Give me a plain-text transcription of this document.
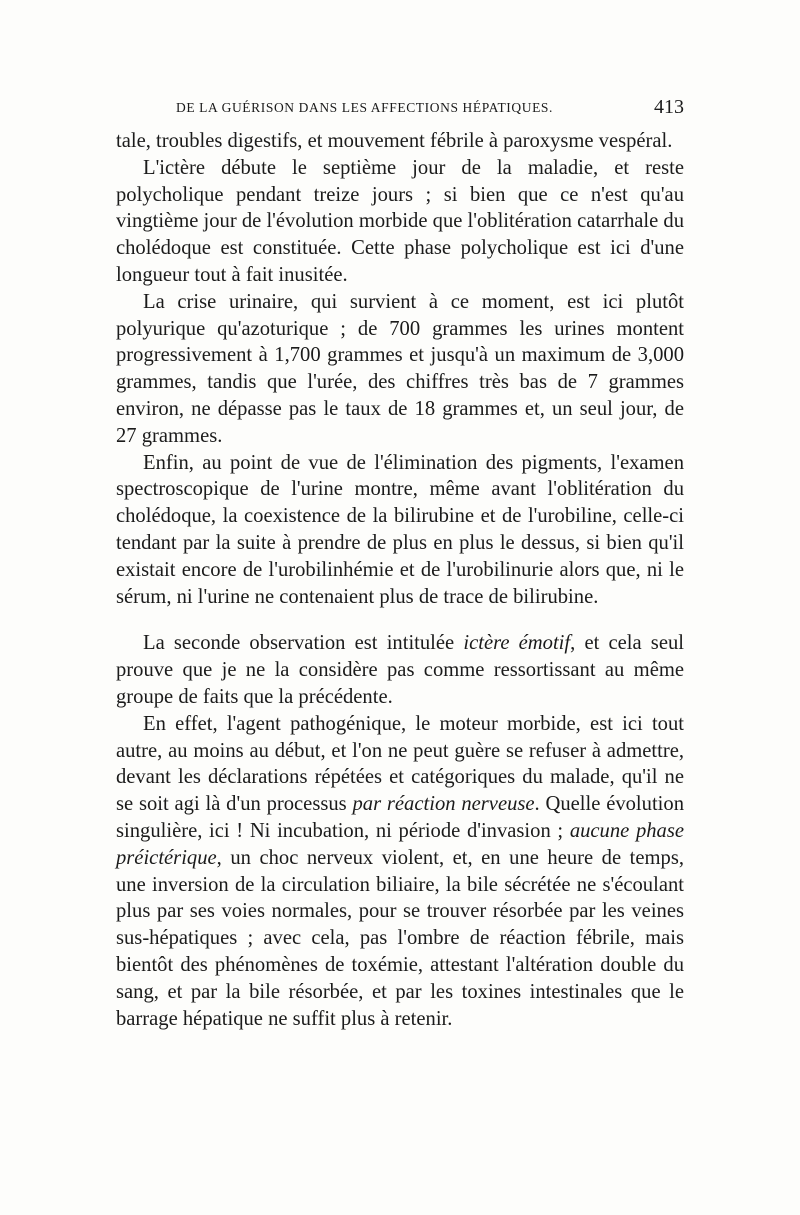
DE LA GUÉRISON DANS LES AFFECTIONS HÉPATIQUES.	413

tale, troubles digestifs, et mouvement fébrile à paroxysme vespéral.

L'ictère débute le septième jour de la maladie, et reste polycholique pendant treize jours ; si bien que ce n'est qu'au vingtième jour de l'évolution morbide que l'oblitération catarrhale du cholédoque est constituée. Cette phase polycholique est ici d'une longueur tout à fait inusitée.

La crise urinaire, qui survient à ce moment, est ici plutôt polyurique qu'azoturique ; de 700 grammes les urines montent progressivement à 1,700 grammes et jusqu'à un maximum de 3,000 grammes, tandis que l'urée, des chiffres très bas de 7 grammes environ, ne dépasse pas le taux de 18 grammes et, un seul jour, de 27 grammes.

Enfin, au point de vue de l'élimination des pigments, l'examen spectroscopique de l'urine montre, même avant l'oblitération du cholédoque, la coexistence de la bilirubine et de l'urobiline, celle-ci tendant par la suite à prendre de plus en plus le dessus, si bien qu'il existait encore de l'urobilinhémie et de l'urobilinurie alors que, ni le sérum, ni l'urine ne contenaient plus de trace de bilirubine.

La seconde observation est intitulée ictère émotif, et cela seul prouve que je ne la considère pas comme ressortissant au même groupe de faits que la précédente.

En effet, l'agent pathogénique, le moteur morbide, est ici tout autre, au moins au début, et l'on ne peut guère se refuser à admettre, devant les déclarations répétées et catégoriques du malade, qu'il ne se soit agi là d'un processus par réaction nerveuse. Quelle évolution singulière, ici ! Ni incubation, ni période d'invasion ; aucune phase préictérique, un choc nerveux violent, et, en une heure de temps, une inversion de la circulation biliaire, la bile sécrétée ne s'écoulant plus par ses voies normales, pour se trouver résorbée par les veines sus-hépatiques ; avec cela, pas l'ombre de réaction fébrile, mais bientôt des phénomènes de toxémie, attestant l'altération double du sang, et par la bile résorbée, et par les toxines intestinales que le barrage hépatique ne suffit plus à retenir.
